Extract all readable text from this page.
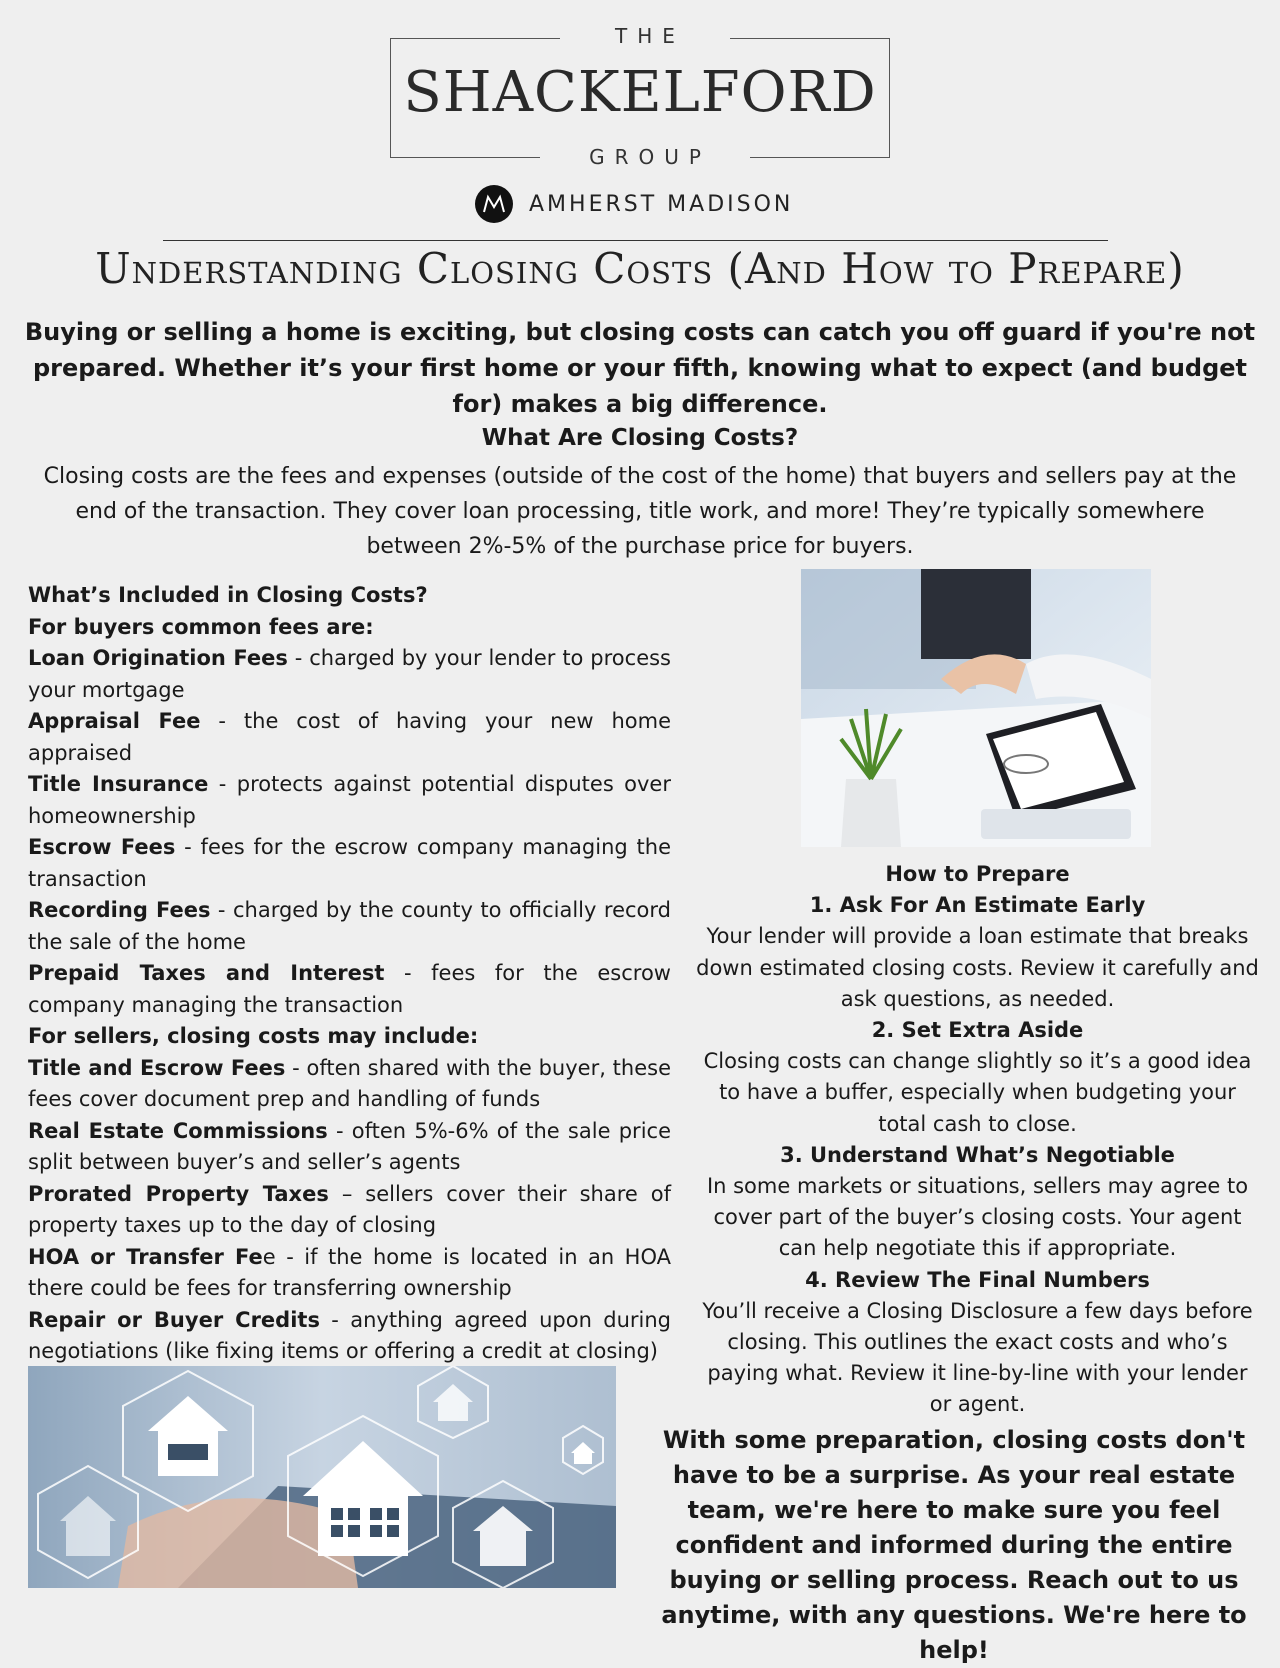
THE
SHACKELFORD
GROUP
AMHERST MADISON
Understanding Closing Costs (And How to Prepare)

Buying or selling a home is exciting, but closing costs can catch you off guard if you're not prepared. Whether it’s your first home or your fifth, knowing what to expect (and budget for) makes a big difference.

What Are Closing Costs?

Closing costs are the fees and expenses (outside of the cost of the home) that buyers and sellers pay at the end of the transaction. They cover loan processing, title work, and more! They’re typically somewhere between 2%-5% of the purchase price for buyers.

What’s Included in Closing Costs?

For buyers common fees are:

Loan Origination Fees - charged by your lender to process your mortgage

Appraisal Fee - the cost of having your new home appraised

Title Insurance - protects against potential disputes over homeownership

Escrow Fees - fees for the escrow company managing the transaction

Recording Fees - charged by the county to officially record the sale of the home

Prepaid Taxes and Interest - fees for the escrow company managing the transaction

For sellers, closing costs may include:

Title and Escrow Fees - often shared with the buyer, these fees cover document prep and handling of funds

Real Estate Commissions - often 5%-6% of the sale price split between buyer’s and seller’s agents

Prorated Property Taxes – sellers cover their share of property taxes up to the day of closing

HOA or Transfer Fee - if the home is located in an HOA there could be fees for transferring ownership

Repair or Buyer Credits - anything agreed upon during negotiations (like fixing items or offering a credit at closing)

How to Prepare

1. Ask For An Estimate Early

Your lender will provide a loan estimate that breaks down estimated closing costs. Review it carefully and ask questions, as needed.

2. Set Extra Aside

Closing costs can change slightly so it’s a good idea to have a buffer, especially when budgeting your total cash to close.

3. Understand What’s Negotiable

In some markets or situations, sellers may agree to cover part of the buyer’s closing costs. Your agent can help negotiate this if appropriate.

4. Review The Final Numbers

You’ll receive a Closing Disclosure a few days before closing. This outlines the exact costs and who’s paying what. Review it line-by-line with your lender or agent.

With some preparation, closing costs don't have to be a surprise. As your real estate team, we're here to make sure you feel confident and informed during the entire buying or selling process. Reach out to us anytime, with any questions. We're here to help!
